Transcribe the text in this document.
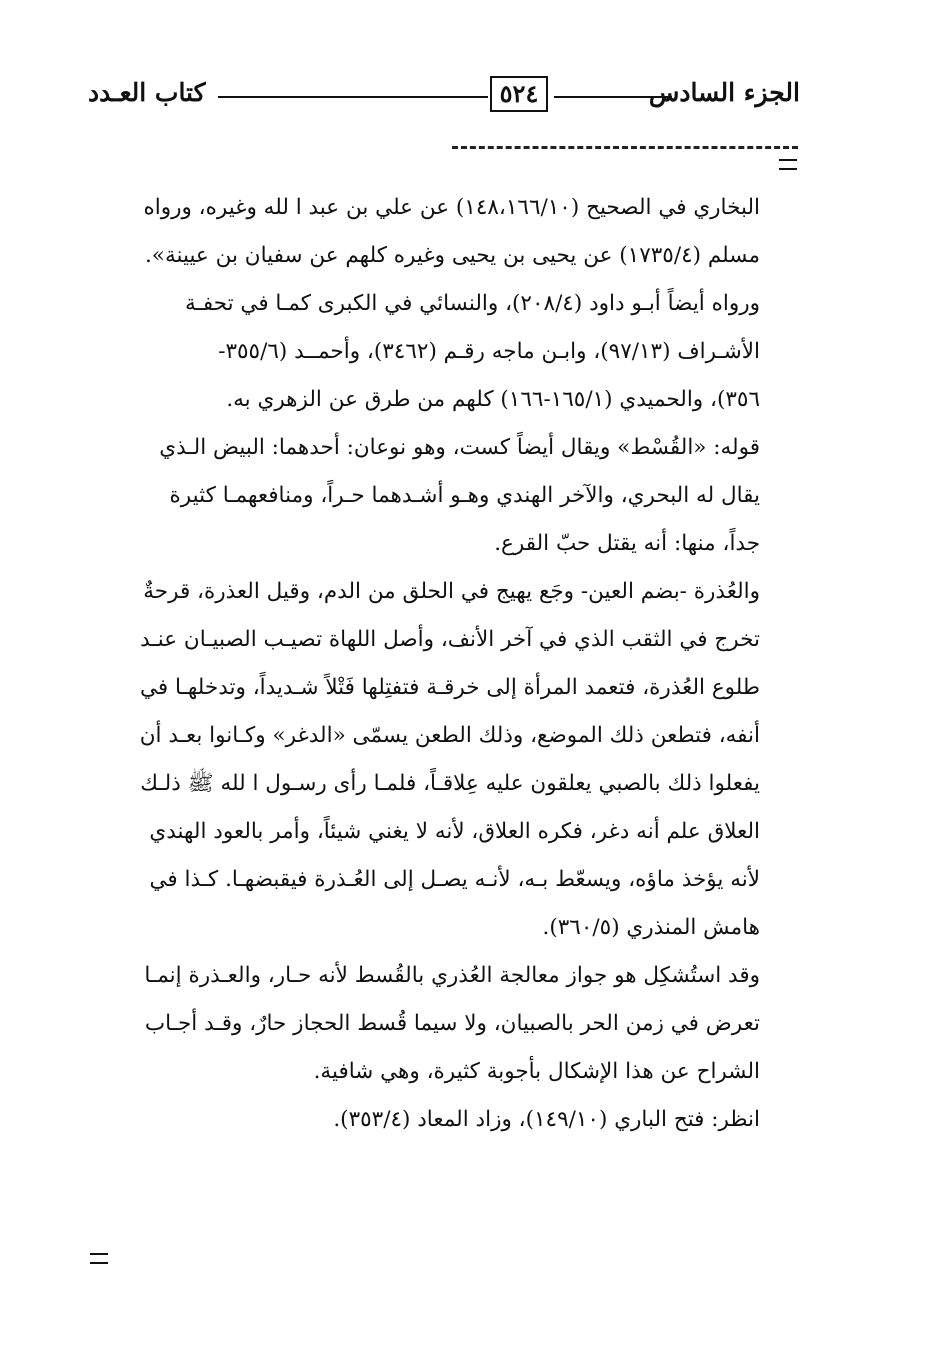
الجزء السادس
٥٢٤
كتاب العـدد

البخاري في الصحيح (١٤٨،١٦٦/١٠) عن علي بن عبد ا لله وغيره، ورواه
مسلم (١٧٣٥/٤) عن يحيى بن يحيى وغيره كلهم عن سفيان بن عيينة».
ورواه أيضاً أبـو داود (٢٠٨/٤)، والنسائي في الكبرى كمـا في تحفـة
الأشـراف (٩٧/١٣)، وابـن ماجه رقـم (٣٤٦٢)، وأحمــد (٣٥٥/٦-
٣٥٦)، والحميدي (١٦٥/١-١٦٦) كلهم من طرق عن الزهري به.

قوله: «القُسْط» ويقال أيضاً كست، وهو نوعان: أحدهما: البيض الـذي
يقال له البحري، والآخر الهندي وهـو أشـدهما حـراً، ومنافعهمـا كثيرة
جداً، منها: أنه يقتل حبّ القرع.

والعُذرة -بضم العين- وجَع يهيج في الحلق من الدم، وقيل العذرة، قرحةٌ
تخرج في الثقب الذي في آخر الأنف، وأصل اللهاة تصيـب الصبيـان عنـد
طلوع العُذرة، فتعمد المرأة إلى خرقـة فتفتِلها فَتْلاً شـديداً، وتدخلهـا في
أنفه، فتطعن ذلك الموضع، وذلك الطعن يسمّى «الدغر» وكـانوا بعـد أن
يفعلوا ذلك بالصبي يعلقون عليه عِلاقـاً، فلمـا رأى رسـول ا لله ﷺ ذلـك
العلاق علم أنه دغر، فكره العلاق، لأنه لا يغني شيئاً، وأمر بالعود الهندي
لأنه يؤخذ ماؤه، ويسعّط بـه، لأنـه يصـل إلى العُـذرة فيقبضهـا. كـذا في
هامش المنذري (٣٦٠/٥).

وقد استُشكِل هو جواز معالجة العُذري بالقُسط لأنه حـار، والعـذرة إنمـا
تعرض في زمن الحر بالصبيان، ولا سيما قُسط الحجاز حارٌ، وقـد أجـاب
الشراح عن هذا الإشكال بأجوبة كثيرة، وهي شافية.

انظر: فتح الباري (١٤٩/١٠)، وزاد المعاد (٣٥٣/٤).
